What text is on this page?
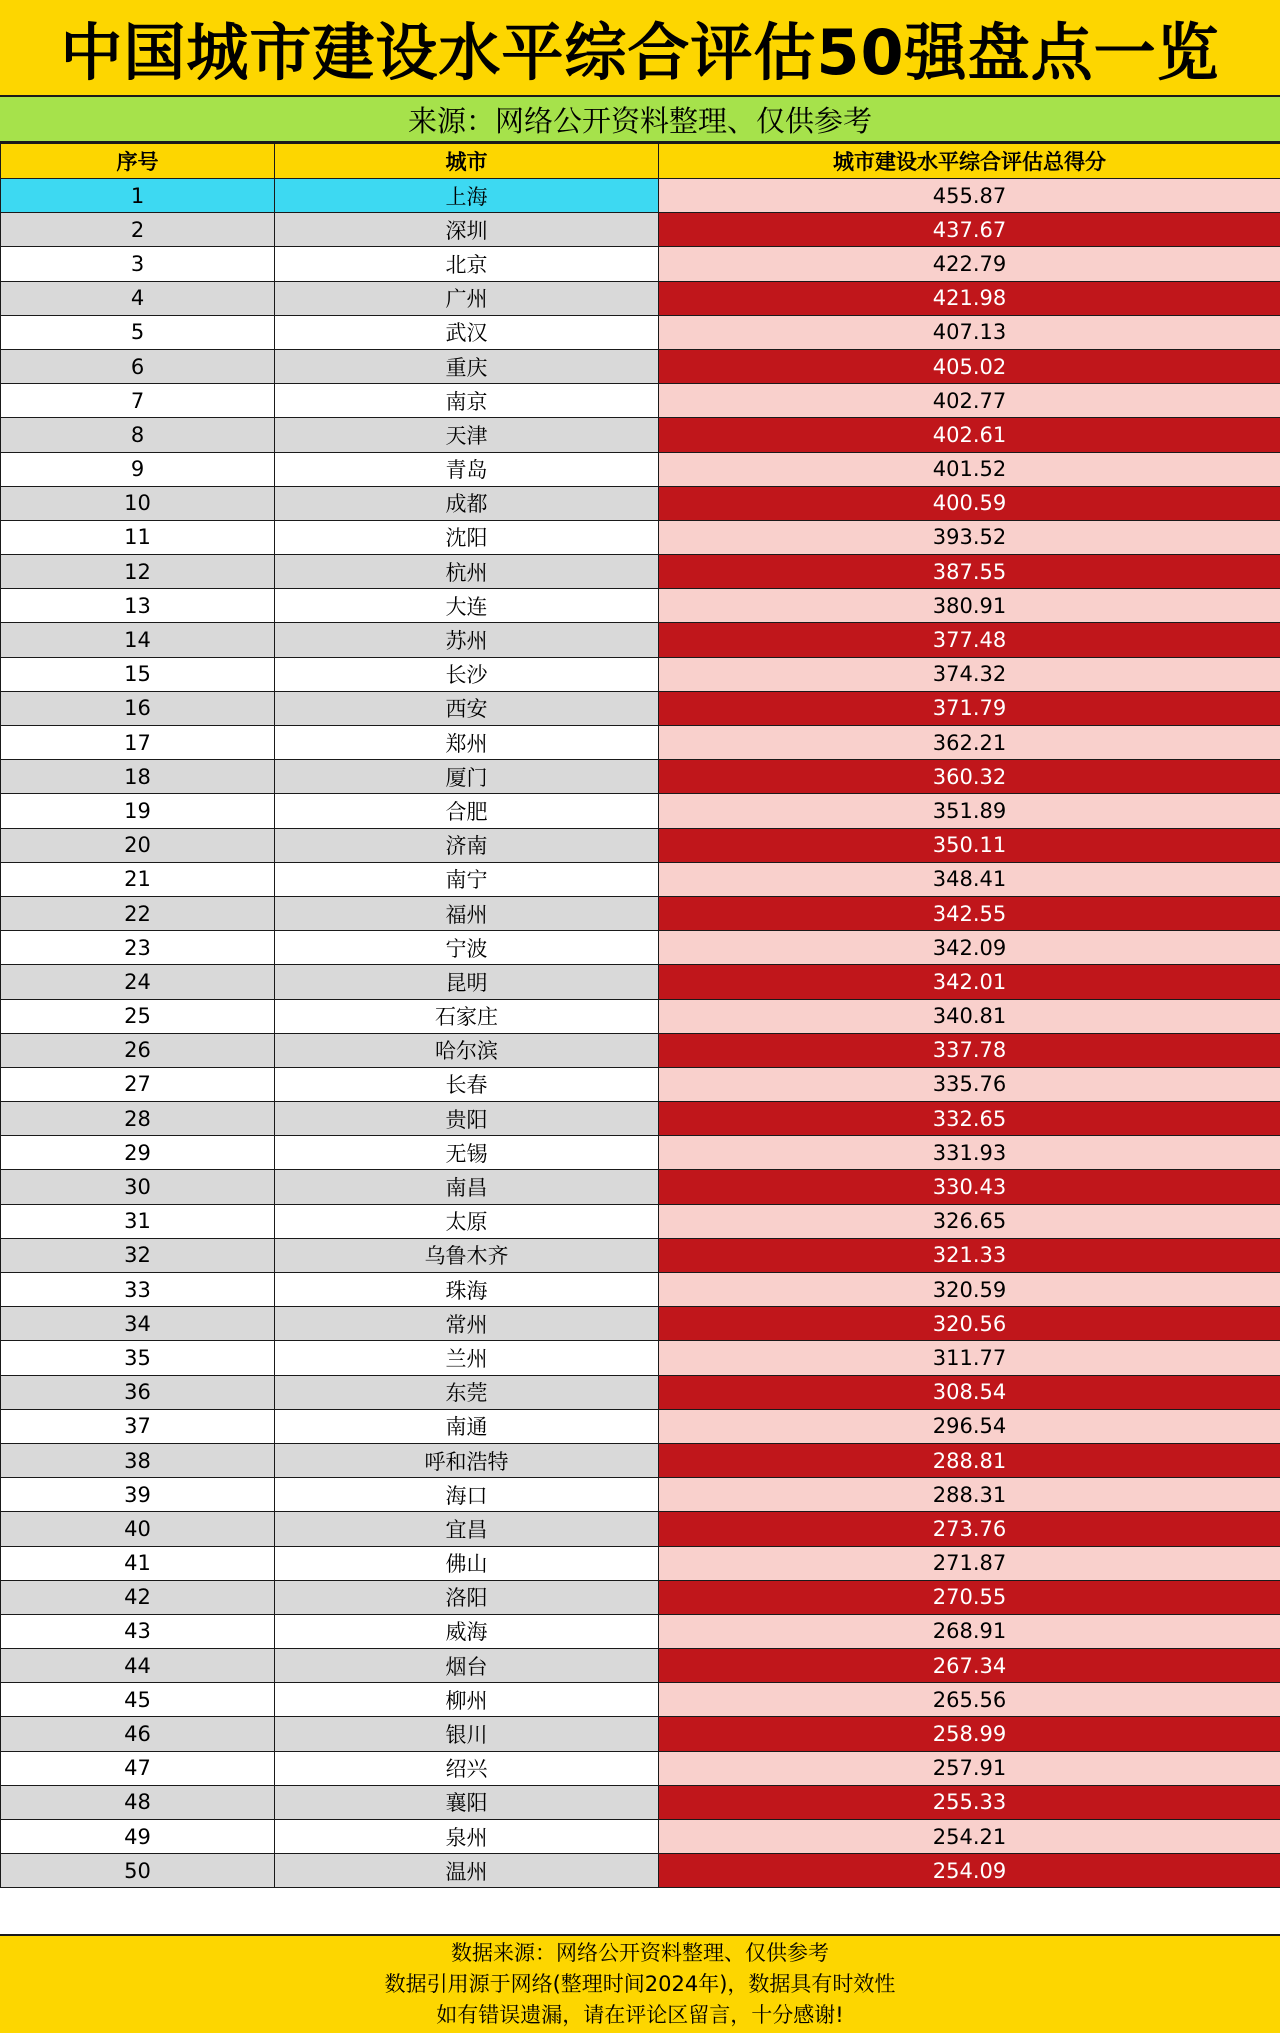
中国城市建设水平综合评估50强盘点一览
来源：网络公开资料整理、仅供参考
序号	城市	城市建设水平综合评估总得分
1	上海	455.87
2	深圳	437.67
3	北京	422.79
4	广州	421.98
5	武汉	407.13
6	重庆	405.02
7	南京	402.77
8	天津	402.61
9	青岛	401.52
10	成都	400.59
11	沈阳	393.52
12	杭州	387.55
13	大连	380.91
14	苏州	377.48
15	长沙	374.32
16	西安	371.79
17	郑州	362.21
18	厦门	360.32
19	合肥	351.89
20	济南	350.11
21	南宁	348.41
22	福州	342.55
23	宁波	342.09
24	昆明	342.01
25	石家庄	340.81
26	哈尔滨	337.78
27	长春	335.76
28	贵阳	332.65
29	无锡	331.93
30	南昌	330.43
31	太原	326.65
32	乌鲁木齐	321.33
33	珠海	320.59
34	常州	320.56
35	兰州	311.77
36	东莞	308.54
37	南通	296.54
38	呼和浩特	288.81
39	海口	288.31
40	宜昌	273.76
41	佛山	271.87
42	洛阳	270.55
43	威海	268.91
44	烟台	267.34
45	柳州	265.56
46	银川	258.99
47	绍兴	257.91
48	襄阳	255.33
49	泉州	254.21
50	温州	254.09
数据来源：网络公开资料整理、仅供参考
数据引用源于网络(整理时间2024年)，数据具有时效性
如有错误遗漏，请在评论区留言，十分感谢!
